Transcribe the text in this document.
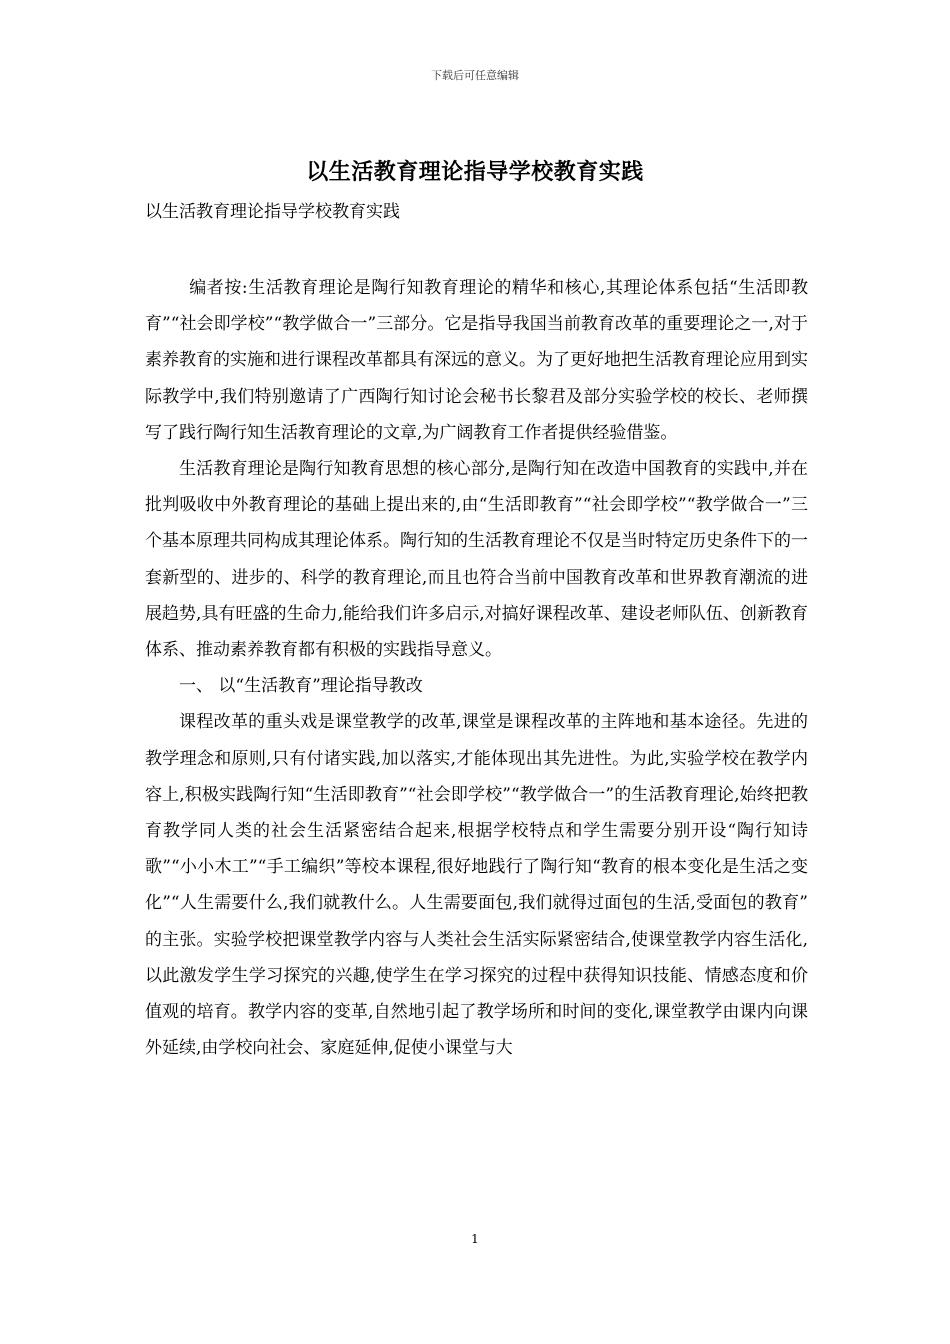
下载后可任意编辑
以生活教育理论指导学校教育实践
以生活教育理论指导学校教育实践

编者按:生活教育理论是陶行知教育理论的精华和核心,其理论体系包括“生活即教育”“社会即学校”“教学做合一”三部分。它是指导我国当前教育改革的重要理论之一,对于素养教育的实施和进行课程改革都具有深远的意义。为了更好地把生活教育理论应用到实际教学中,我们特别邀请了广西陶行知讨论会秘书长黎君及部分实验学校的校长、老师撰写了践行陶行知生活教育理论的文章,为广阔教育工作者提供经验借鉴。

生活教育理论是陶行知教育思想的核心部分,是陶行知在改造中国教育的实践中,并在批判吸收中外教育理论的基础上提出来的,由“生活即教育”“社会即学校”“教学做合一”三个基本原理共同构成其理论体系。陶行知的生活教育理论不仅是当时特定历史条件下的一套新型的、进步的、科学的教育理论,而且也符合当前中国教育改革和世界教育潮流的进展趋势,具有旺盛的生命力,能给我们许多启示,对搞好课程改革、建设老师队伍、创新教育体系、推动素养教育都有积极的实践指导意义。

一、 以“生活教育”理论指导教改

课程改革的重头戏是课堂教学的改革,课堂是课程改革的主阵地和基本途径。先进的教学理念和原则,只有付诸实践,加以落实,才能体现出其先进性。为此,实验学校在教学内容上,积极实践陶行知“生活即教育”“社会即学校”“教学做合一”的生活教育理论,始终把教育教学同人类的社会生活紧密结合起来,根据学校特点和学生需要分别开设“陶行知诗歌”“小小木工”“手工编织”等校本课程,很好地践行了陶行知“教育的根本变化是生活之变化”“人生需要什么,我们就教什么。人生需要面包,我们就得过面包的生活,受面包的教育” 的主张。实验学校把课堂教学内容与人类社会生活实际紧密结合,使课堂教学内容生活化,以此激发学生学习探究的兴趣,使学生在学习探究的过程中获得知识技能、情感态度和价值观的培育。教学内容的变革,自然地引起了教学场所和时间的变化,课堂教学由课内向课外延续,由学校向社会、家庭延伸,促使小课堂与大

1
